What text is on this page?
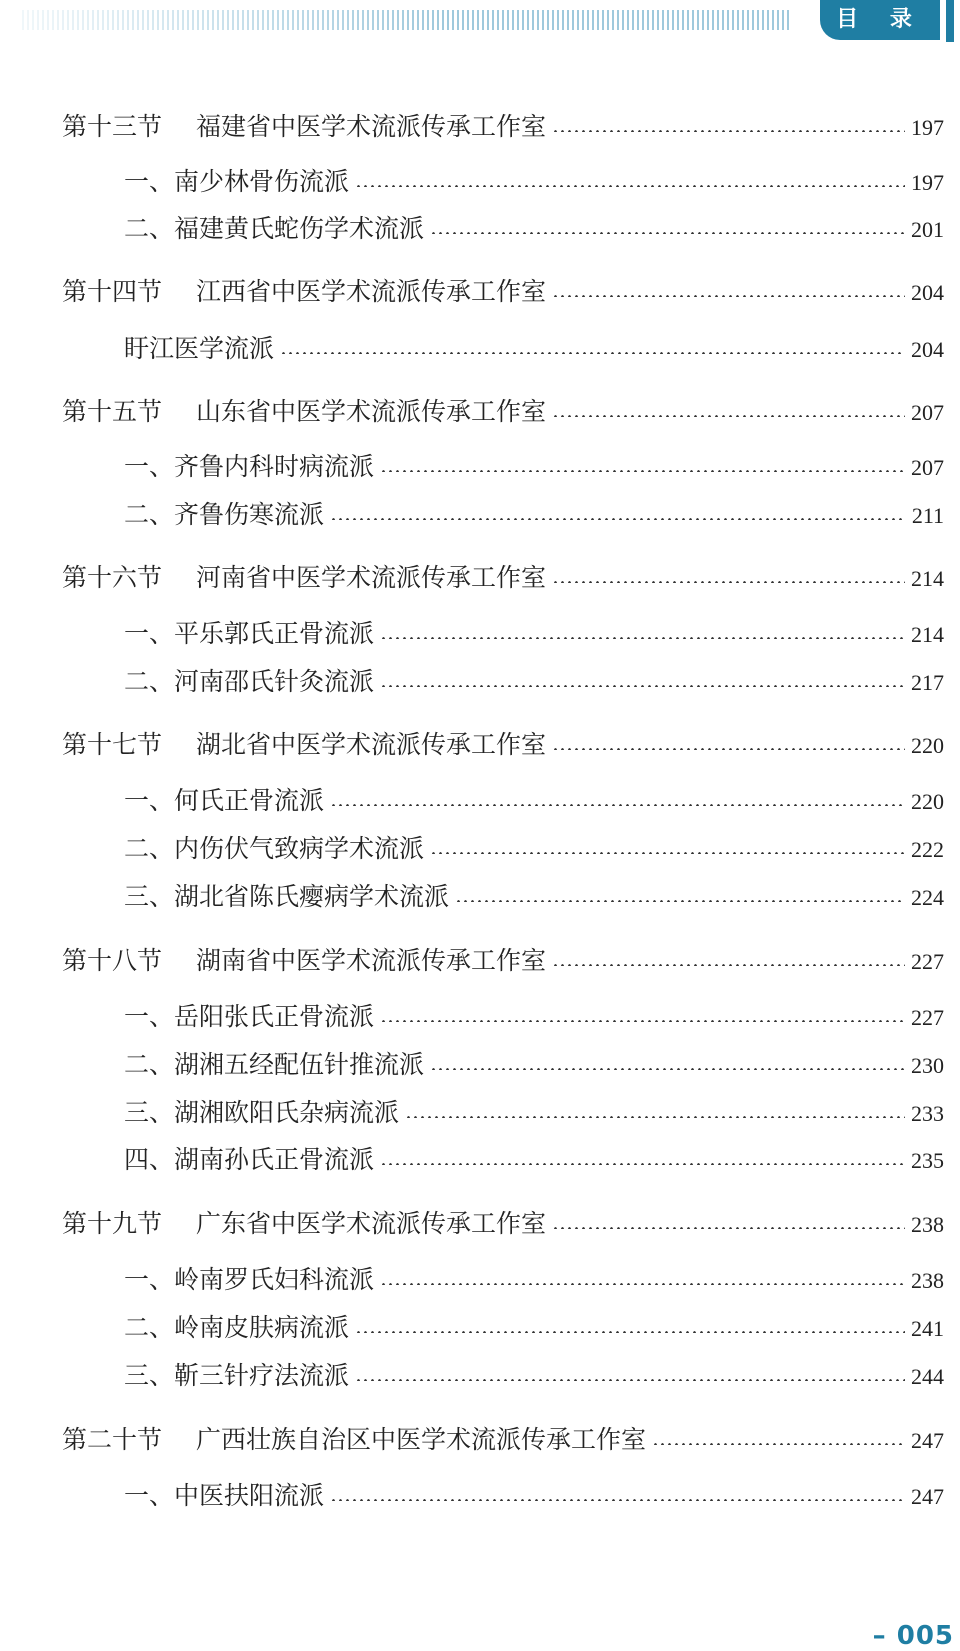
目 录
第十三节	福建省中医学术流派传承工作室	197
一、南少林骨伤流派	197
二、福建黄氏蛇伤学术流派	201
第十四节	江西省中医学术流派传承工作室	204
盱江医学流派	204
第十五节	山东省中医学术流派传承工作室	207
一、齐鲁内科时病流派	207
二、齐鲁伤寒流派	211
第十六节	河南省中医学术流派传承工作室	214
一、平乐郭氏正骨流派	214
二、河南邵氏针灸流派	217
第十七节	湖北省中医学术流派传承工作室	220
一、何氏正骨流派	220
二、内伤伏气致病学术流派	222
三、湖北省陈氏瘿病学术流派	224
第十八节	湖南省中医学术流派传承工作室	227
一、岳阳张氏正骨流派	227
二、湖湘五经配伍针推流派	230
三、湖湘欧阳氏杂病流派	233
四、湖南孙氏正骨流派	235
第十九节	广东省中医学术流派传承工作室	238
一、岭南罗氏妇科流派	238
二、岭南皮肤病流派	241
三、靳三针疗法流派	244
第二十节	广西壮族自治区中医学术流派传承工作室	247
一、中医扶阳流派	247
– 005
